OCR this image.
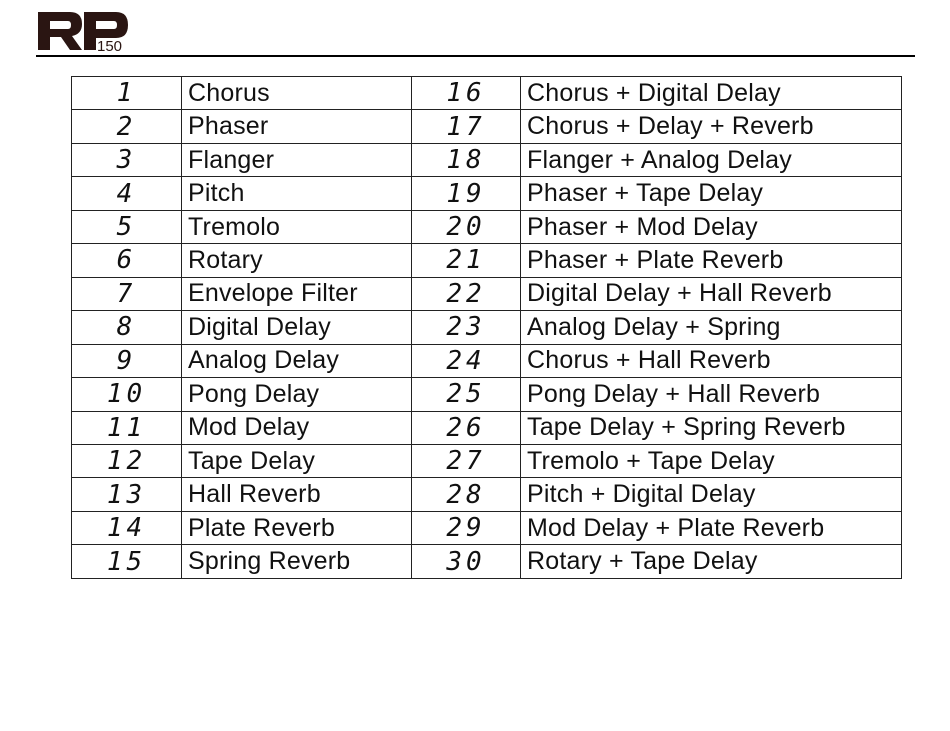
150
1	Chorus	16	Chorus + Digital Delay
2	Phaser	17	Chorus + Delay + Reverb
3	Flanger	18	Flanger + Analog Delay
4	Pitch	19	Phaser + Tape Delay
5	Tremolo	20	Phaser + Mod Delay
6	Rotary	21	Phaser + Plate Reverb
7	Envelope Filter	22	Digital Delay + Hall Reverb
8	Digital Delay	23	Analog Delay + Spring
9	Analog Delay	24	Chorus + Hall Reverb
10	Pong Delay	25	Pong Delay + Hall Reverb
11	Mod Delay	26	Tape Delay + Spring Reverb
12	Tape Delay	27	Tremolo + Tape Delay
13	Hall Reverb	28	Pitch + Digital Delay
14	Plate Reverb	29	Mod Delay + Plate Reverb
15	Spring Reverb	30	Rotary + Tape Delay
